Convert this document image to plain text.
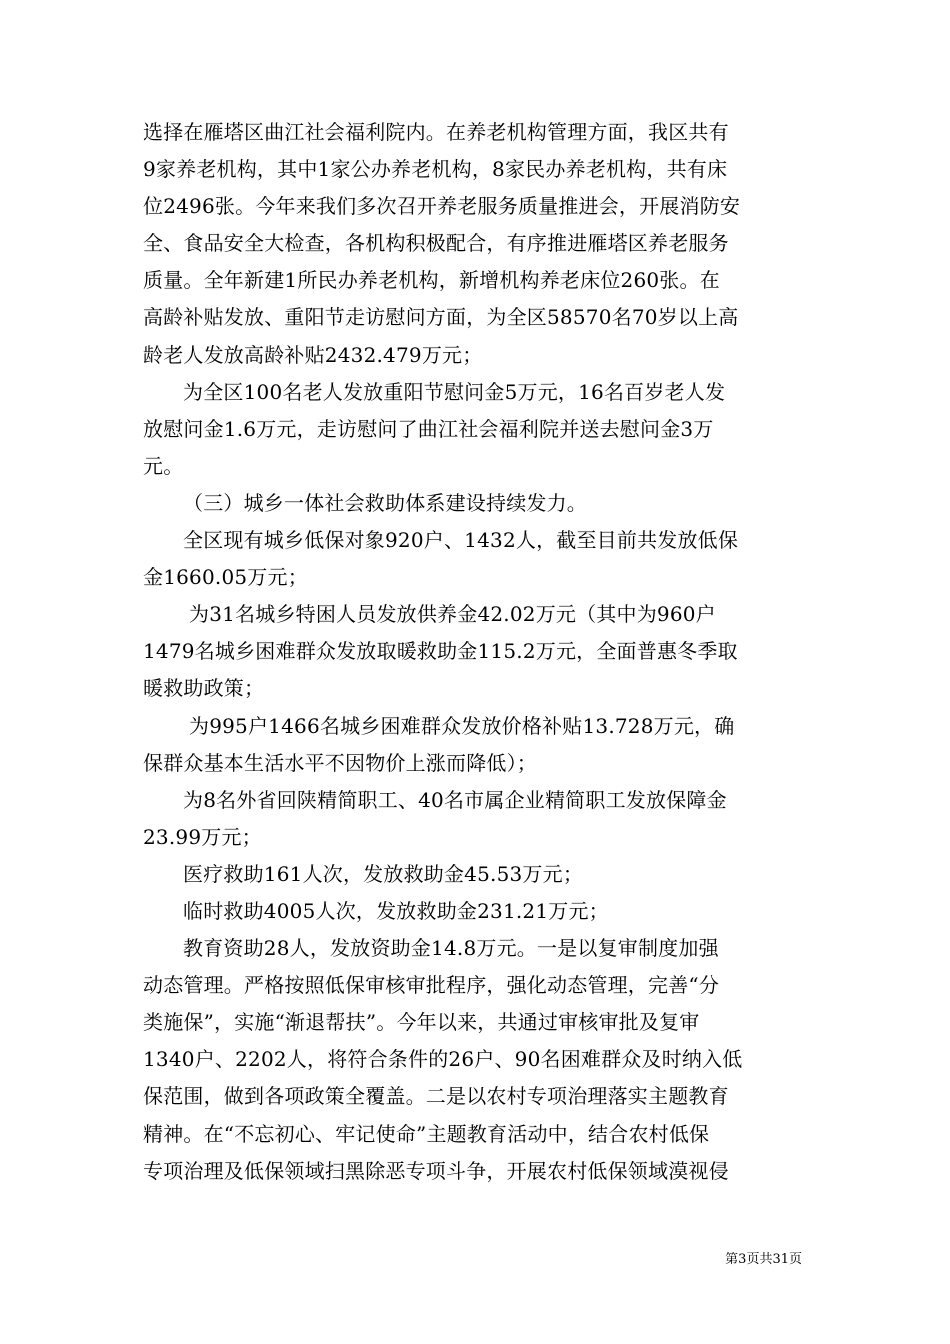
选择在雁塔区曲江社会福利院内。在养老机构管理方面，我区共有
9家养老机构，其中1家公办养老机构，8家民办养老机构，共有床
位2496张。今年来我们多次召开养老服务质量推进会，开展消防安
全、食品安全大检查，各机构积极配合，有序推进雁塔区养老服务
质量。全年新建1所民办养老机构，新增机构养老床位260张。在
高龄补贴发放、重阳节走访慰问方面，为全区58570名70岁以上高
龄老人发放高龄补贴2432.479万元；
为全区100名老人发放重阳节慰问金5万元，16名百岁老人发
放慰问金1.6万元，走访慰问了曲江社会福利院并送去慰问金3万
元。
（三）城乡一体社会救助体系建设持续发力。
全区现有城乡低保对象920户、1432人，截至目前共发放低保
金1660.05万元；
为31名城乡特困人员发放供养金42.02万元（其中为960户
1479名城乡困难群众发放取暖救助金115.2万元，全面普惠冬季取
暖救助政策；
为995户1466名城乡困难群众发放价格补贴13.728万元，确
保群众基本生活水平不因物价上涨而降低）；
为8名外省回陕精简职工、40名市属企业精简职工发放保障金
23.99万元；
医疗救助161人次，发放救助金45.53万元；
临时救助4005人次，发放救助金231.21万元；
教育资助28人，发放资助金14.8万元。一是以复审制度加强
动态管理。严格按照低保审核审批程序，强化动态管理，完善“分
类施保”，实施“渐退帮扶”。今年以来，共通过审核审批及复审
1340户、2202人，将符合条件的26户、90名困难群众及时纳入低
保范围，做到各项政策全覆盖。二是以农村专项治理落实主题教育
精神。在“不忘初心、牢记使命”主题教育活动中，结合农村低保
专项治理及低保领域扫黑除恶专项斗争，开展农村低保领域漠视侵
第3页共31页
